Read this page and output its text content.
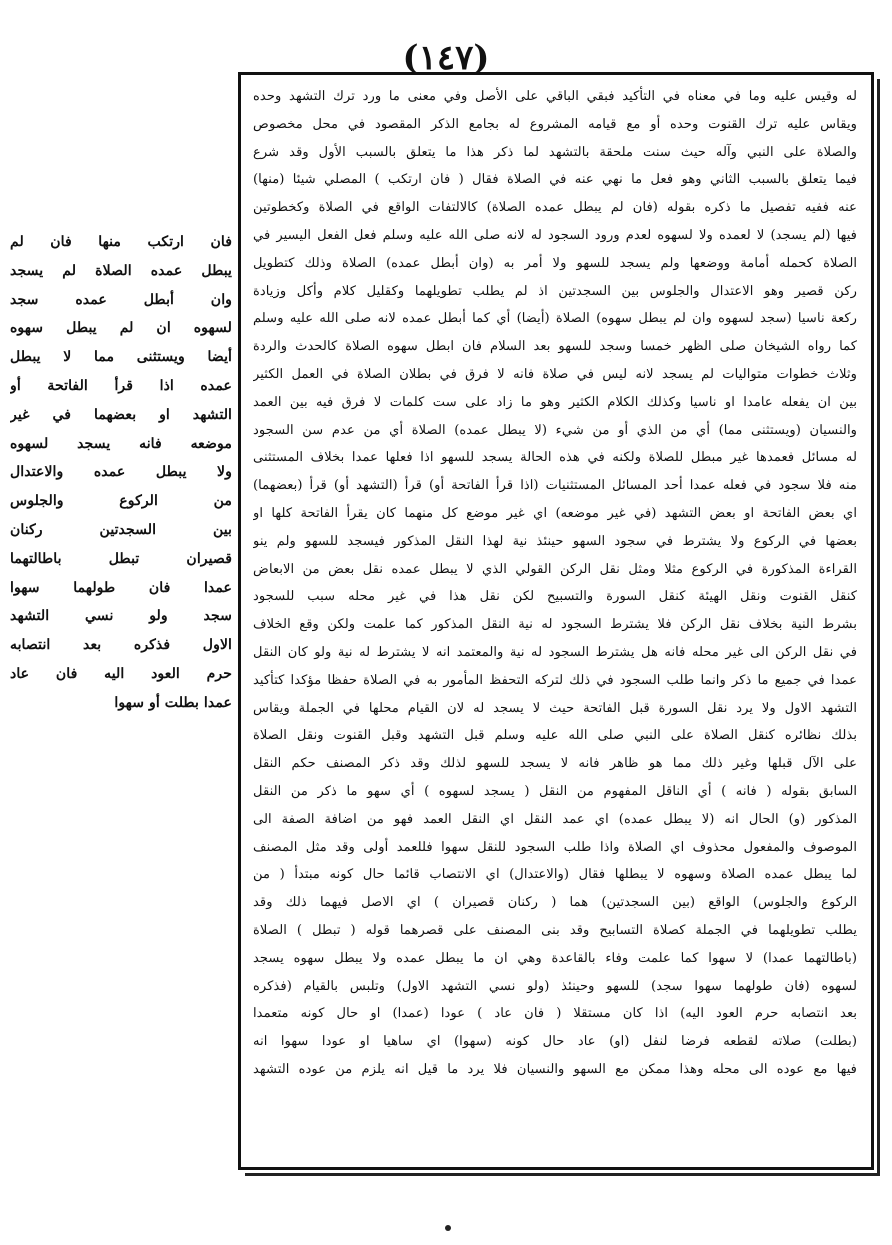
(١٤٧)
فان ارتكب منها فان لم
يبطل عمده الصلاة لم يسجد
وان أبطل عمده سجد
لسهوه ان لم يبطل سهوه
أيضا ويستثنى مما لا يبطل
عمده اذا قرأ الفاتحة أو
التشهد او بعضهما في غير
موضعه فانه يسجد لسهوه
ولا يبطل عمده والاعتدال
من الركوع والجلوس
بين السجدتين ركنان
قصيران تبطل باطالتهما
عمدا فان طولهما سهوا
سجد ولو نسي التشهد
الاول فذكره بعد انتصابه
حرم العود اليه فان عاد
عمدا بطلت أو سهوا
له وقيس عليه وما في معناه في التأكيد فبقي الباقي على الأصل وفي معنى ما ورد ترك التشهد وحده
ويقاس عليه ترك القنوت وحده أو مع قيامه المشروع له بجامع الذكر المقصود في محل مخصوص
والصلاة على النبي وآله حيث سنت ملحقة بالتشهد لما ذكر هذا ما يتعلق بالسبب الأول وقد شرع
فيما يتعلق بالسبب الثاني وهو فعل ما نهي عنه في الصلاة فقال ( فان ارتكب ) المصلي شيئا (منها)
عنه ففيه تفصيل ما ذكره بقوله (فان لم يبطل عمده الصلاة) كالالتفات الواقع في الصلاة وكخطوتين
فيها (لم يسجد) لا لعمده ولا لسهوه لعدم ورود السجود له لانه صلى الله عليه وسلم فعل الفعل اليسير في
الصلاة كحمله أمامة ووضعها ولم يسجد للسهو ولا أمر به (وان أبطل عمده) الصلاة وذلك كتطويل
ركن قصير وهو الاعتدال والجلوس بين السجدتين اذ لم يطلب تطويلهما وكقليل كلام وأكل وزيادة
ركعة ناسيا (سجد لسهوه وان لم يبطل سهوه) الصلاة (أيضا) أي كما أبطل عمده لانه صلى الله عليه وسلم
كما رواه الشيخان صلى الظهر خمسا وسجد للسهو بعد السلام فان ابطل سهوه الصلاة كالحدث والردة
وثلاث خطوات متواليات لم يسجد لانه ليس في صلاة فانه لا فرق في بطلان الصلاة في العمل الكثير
بين ان يفعله عامدا او ناسيا وكذلك الكلام الكثير وهو ما زاد على ست كلمات لا فرق فيه بين العمد
والنسيان (ويستثنى مما) أي من الذي أو من شيء (لا يبطل عمده) الصلاة أي من عدم سن السجود
له مسائل فعمدها غير مبطل للصلاة ولكنه في هذه الحالة يسجد للسهو اذا فعلها عمدا بخلاف المستثنى
منه فلا سجود في فعله عمدا أحد المسائل المستثنيات (اذا قرأ الفاتحة أو) قرأ (التشهد أو) قرأ (بعضهما)
اي بعض الفاتحة او بعض التشهد (في غير موضعه) اي غير موضع كل منهما كان يقرأ الفاتحة كلها او
بعضها في الركوع ولا يشترط في سجود السهو حينئذ نية لهذا النقل المذكور فيسجد للسهو ولم ينو
القراءة المذكورة في الركوع مثلا ومثل نقل الركن القولي الذي لا يبطل عمده نقل بعض من الابعاض
كنقل القنوت ونقل الهيئة كنقل السورة والتسبيح لكن نقل هذا في غير محله سبب للسجود
بشرط النية بخلاف نقل الركن فلا يشترط السجود له نية النقل المذكور كما علمت ولكن وقع الخلاف
في نقل الركن الى غير محله فانه هل يشترط السجود له نية والمعتمد انه لا يشترط له نية ولو كان النقل
عمدا في جميع ما ذكر وانما طلب السجود في ذلك لتركه التحفظ المأمور به في الصلاة حفظا مؤكدا كتأكيد
التشهد الاول ولا يرد نقل السورة قبل الفاتحة حيث لا يسجد له لان القيام محلها في الجملة ويقاس
بذلك نظائره كنقل الصلاة على النبي صلى الله عليه وسلم قبل التشهد وقبل القنوت ونقل الصلاة
على الآل قبلها وغير ذلك مما هو ظاهر فانه لا يسجد للسهو لذلك وقد ذكر المصنف حكم النقل
السابق بقوله ( فانه ) أي الناقل المفهوم من النقل ( يسجد لسهوه ) أي سهو ما ذكر من النقل
المذكور (و) الحال انه (لا يبطل عمده) اي عمد النقل اي النقل العمد فهو من اضافة الصفة الى
الموصوف والمفعول محذوف اي الصلاة واذا طلب السجود للنقل سهوا فللعمد أولى وقد مثل المصنف
لما يبطل عمده الصلاة وسهوه لا يبطلها فقال (والاعتدال) اي الانتصاب قائما حال كونه مبتدأ ( من
الركوع والجلوس) الواقع (بين السجدتين) هما ( ركنان قصيران ) اي الاصل فيهما ذلك وقد
يطلب تطويلهما في الجملة كصلاة التسابيح وقد بنى المصنف على قصرهما قوله ( تبطل ) الصلاة
(باطالتهما عمدا) لا سهوا كما علمت وفاء بالقاعدة وهي ان ما يبطل عمده ولا يبطل سهوه يسجد
لسهوه (فان طولهما سهوا سجد) للسهو وحينئذ (ولو نسي التشهد الاول) وتلبس بالقيام (فذكره
بعد انتصابه حرم العود اليه) اذا كان مستقلا ( فان عاد ) عودا (عمدا) او حال كونه متعمدا
(بطلت) صلاته لقطعه فرضا لنفل (او) عاد حال كونه (سهوا) اي ساهيا او عودا سهوا انه
فيها مع عوده الى محله وهذا ممكن مع السهو والنسيان فلا يرد ما قيل انه يلزم من عوده التشهد
